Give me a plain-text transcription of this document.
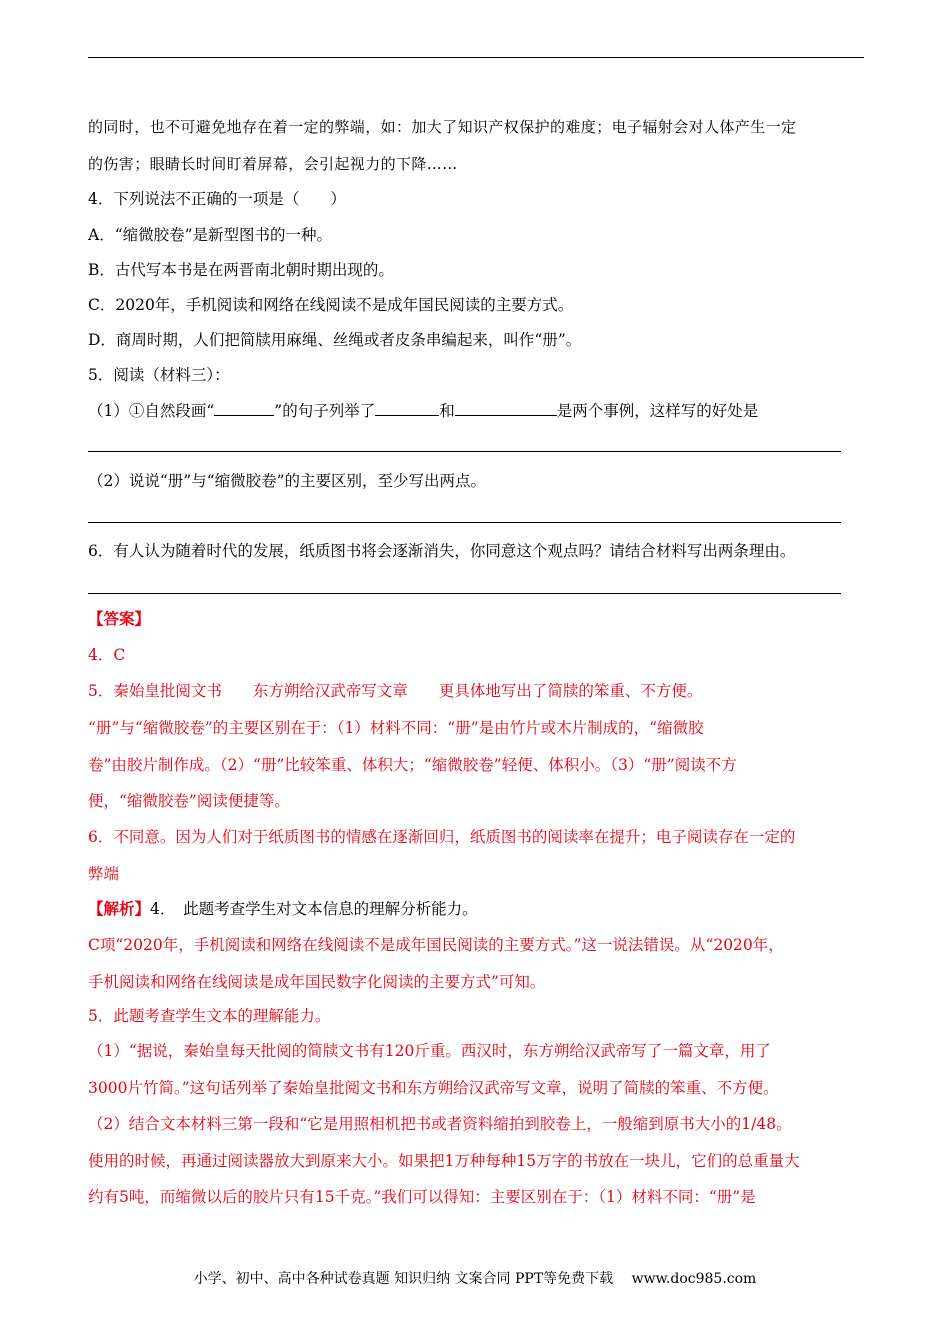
的同时，也不可避免地存在着一定的弊端，如：加大了知识产权保护的难度；电子辐射会对人体产生一定
的伤害；眼睛长时间盯着屏幕，会引起视力的下降……
4．下列说法不正确的一项是（　　）
A．“缩微胶卷”是新型图书的一种。
B．古代写本书是在两晋南北朝时期出现的。
C．2020年，手机阅读和网络在线阅读不是成年国民阅读的主要方式。
D．商周时期，人们把简牍用麻绳、丝绳或者皮条串编起来，叫作“册”。
5．阅读（材料三）：
（1）①自然段画“	”的句子列举了	和	是两个事例，这样写的好处是
（2）说说“册”与“缩微胶卷”的主要区别，至少写出两点。
6．有人认为随着时代的发展，纸质图书将会逐渐消失，你同意这个观点吗？请结合材料写出两条理由。
【答案】
4．C
5．秦始皇批阅文书　　东方朔给汉武帝写文章　　更具体地写出了简牍的笨重、不方便。
“册”与“缩微胶卷”的主要区别在于：（1）材料不同：“册”是由竹片或木片制成的，“缩微胶
卷”由胶片制作成。（2）“册”比较笨重、体积大；“缩微胶卷”轻便、体积小。（3）“册”阅读不方
便，“缩微胶卷”阅读便捷等。
6．不同意。因为人们对于纸质图书的情感在逐渐回归，纸质图书的阅读率在提升；电子阅读存在一定的
弊端
【解析】4．　此题考查学生对文本信息的理解分析能力。
C项“2020年，手机阅读和网络在线阅读不是成年国民阅读的主要方式。”这一说法错误。从“2020年，
手机阅读和网络在线阅读是成年国民数字化阅读的主要方式”可知。
5．此题考查学生文本的理解能力。
（1）“据说，秦始皇每天批阅的简牍文书有120斤重。西汉时，东方朔给汉武帝写了一篇文章，用了
3000片竹简。”这句话列举了秦始皇批阅文书和东方朔给汉武帝写文章，说明了简牍的笨重、不方便。
（2）结合文本材料三第一段和“它是用照相机把书或者资料缩拍到胶卷上，一般缩到原书大小的1/48。
使用的时候，再通过阅读器放大到原来大小。如果把1万种每种15万字的书放在一块儿，它们的总重量大
约有5吨，而缩微以后的胶片只有15千克。”我们可以得知：主要区别在于：（1）材料不同：“册”是
小学、初中、高中各种试卷真题 知识归纳 文案合同 PPT等免费下载　 www.doc985.com
